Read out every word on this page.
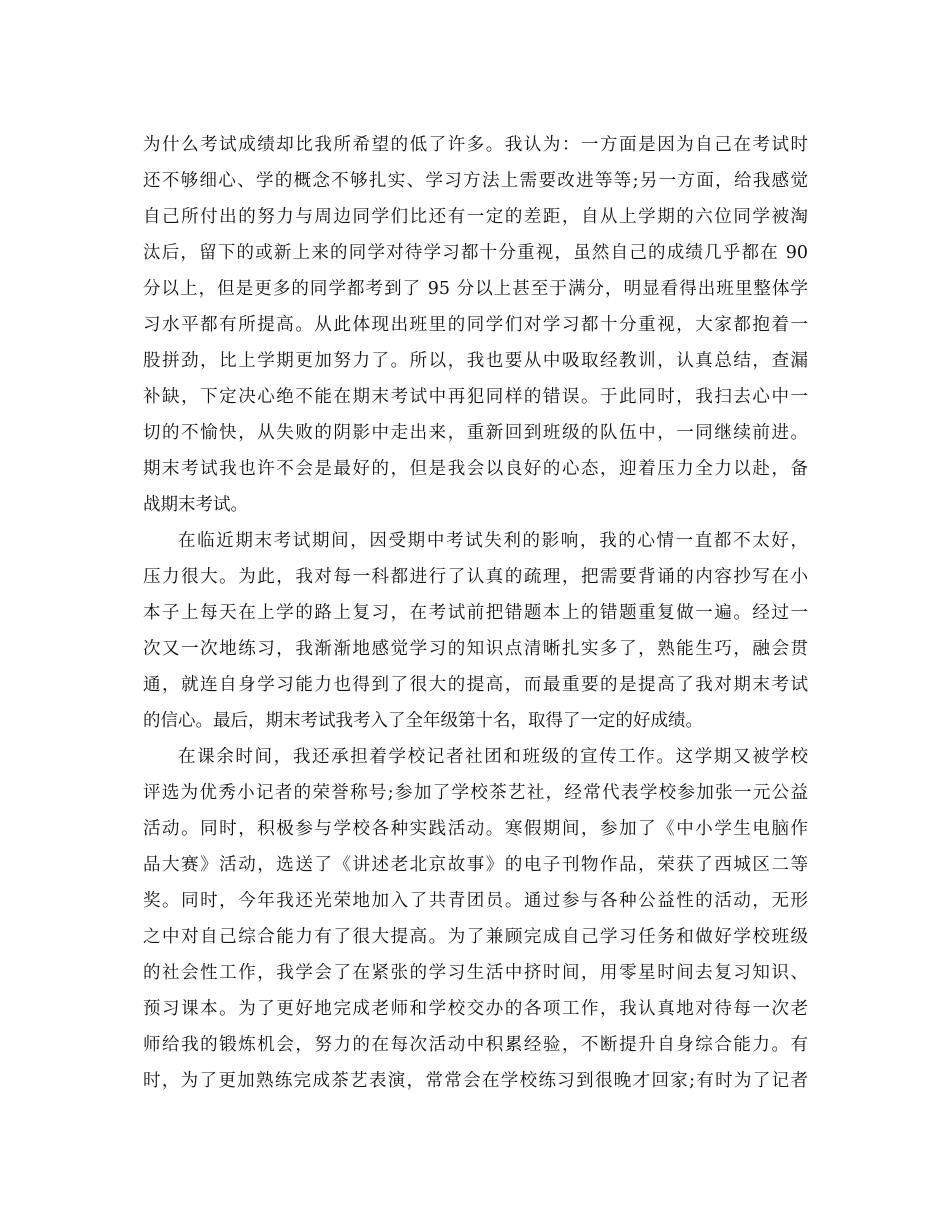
为什么考试成绩却比我所希望的低了许多。我认为：一方面是因为自己在考试时
还不够细心、学的概念不够扎实、学习方法上需要改进等等;另一方面，给我感觉
自己所付出的努力与周边同学们比还有一定的差距，自从上学期的六位同学被淘
汰后，留下的或新上来的同学对待学习都十分重视，虽然自己的成绩几乎都在 90
分以上，但是更多的同学都考到了 95 分以上甚至于满分，明显看得出班里整体学
习水平都有所提高。从此体现出班里的同学们对学习都十分重视，大家都抱着一
股拼劲，比上学期更加努力了。所以，我也要从中吸取经教训，认真总结，查漏
补缺，下定决心绝不能在期末考试中再犯同样的错误。于此同时，我扫去心中一
切的不愉快，从失败的阴影中走出来，重新回到班级的队伍中，一同继续前进。
期末考试我也许不会是最好的，但是我会以良好的心态，迎着压力全力以赴，备
战期末考试。
在临近期末考试期间，因受期中考试失利的影响，我的心情一直都不太好，
压力很大。为此，我对每一科都进行了认真的疏理，把需要背诵的内容抄写在小
本子上每天在上学的路上复习，在考试前把错题本上的错题重复做一遍。经过一
次又一次地练习，我渐渐地感觉学习的知识点清晰扎实多了，熟能生巧，融会贯
通，就连自身学习能力也得到了很大的提高，而最重要的是提高了我对期末考试
的信心。最后，期末考试我考入了全年级第十名，取得了一定的好成绩。
在课余时间，我还承担着学校记者社团和班级的宣传工作。这学期又被学校
评选为优秀小记者的荣誉称号;参加了学校茶艺社，经常代表学校参加张一元公益
活动。同时，积极参与学校各种实践活动。寒假期间，参加了《中小学生电脑作
品大赛》活动，选送了《讲述老北京故事》的电子刊物作品，荣获了西城区二等
奖。同时，今年我还光荣地加入了共青团员。通过参与各种公益性的活动，无形
之中对自己综合能力有了很大提高。为了兼顾完成自己学习任务和做好学校班级
的社会性工作，我学会了在紧张的学习生活中挤时间，用零星时间去复习知识、
预习课本。为了更好地完成老师和学校交办的各项工作，我认真地对待每一次老
师给我的锻炼机会，努力的在每次活动中积累经验，不断提升自身综合能力。有
时，为了更加熟练完成茶艺表演，常常会在学校练习到很晚才回家;有时为了记者
